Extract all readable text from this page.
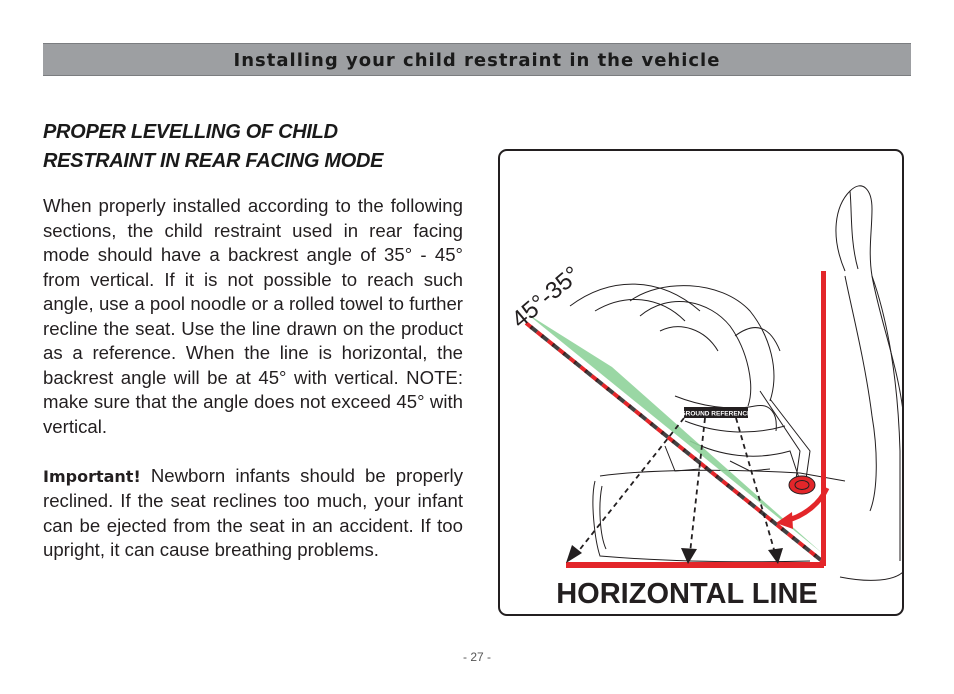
Installing your child restraint in the vehicle
PROPER LEVELLING OF CHILD
RESTRAINT IN REAR FACING MODE

When properly installed according to the following sections, the child restraint used in rear facing mode should have a backrest angle of 35° - 45° from vertical. If it is not possible to reach such angle, use a pool noodle or a rolled towel to further recline the seat. Use the line drawn on the product as a reference. When the line is horizontal, the backrest angle will be at 45° with vertical. NOTE: make sure that the angle does not exceed 45° with vertical.

Important! Newborn infants should be properly reclined. If the seat reclines too much, your infant can be ejected from the seat in an accident. If too upright, it can cause breathing problems.

GROUND REFERENCE
45°-35°
HORIZONTAL LINE
- 27 -
